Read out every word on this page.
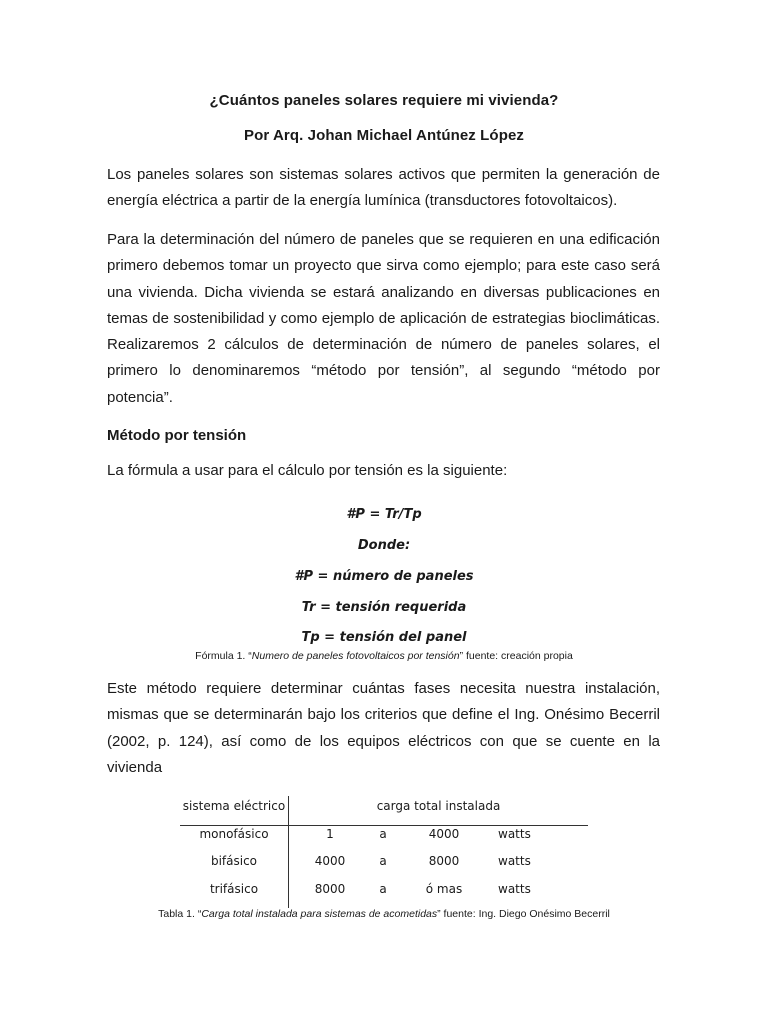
¿Cuántos paneles solares requiere mi vivienda?
Por Arq. Johan Michael Antúnez López

Los paneles solares son sistemas solares activos que permiten la generación de energía eléctrica a partir de la energía lumínica (transductores fotovoltaicos).

Para la determinación del número de paneles que se requieren en una edificación primero debemos tomar un proyecto que sirva como ejemplo; para este caso será una vivienda. Dicha vivienda se estará analizando en diversas publicaciones en temas de sostenibilidad y como ejemplo de aplicación de estrategias bioclimáticas. Realizaremos 2 cálculos de determinación de número de paneles solares, el primero lo denominaremos “método por tensión”, al segundo “método por potencia”.

Método por tensión

La fórmula a usar para el cálculo por tensión es la siguiente:

#P = Tr/Tp
Donde:
#P = número de paneles
Tr = tensión requerida
Tp = tensión del panel
Fórmula 1. “Numero de paneles fotovoltaicos por tensión” fuente: creación propia

Este método requiere determinar cuántas fases necesita nuestra instalación, mismas que se determinarán bajo los criterios que define el Ing. Onésimo Becerril (2002, p. 124), así como de los equipos eléctricos con que se cuente en la vivienda

sistema eléctrico	carga total instalada
monofásico	1	a	4000	watts
bifásico	4000	a	8000	watts
trifásico	8000	a	ó mas	watts
Tabla 1. “Carga total instalada para sistemas de acometidas” fuente: Ing. Diego Onésimo Becerril
